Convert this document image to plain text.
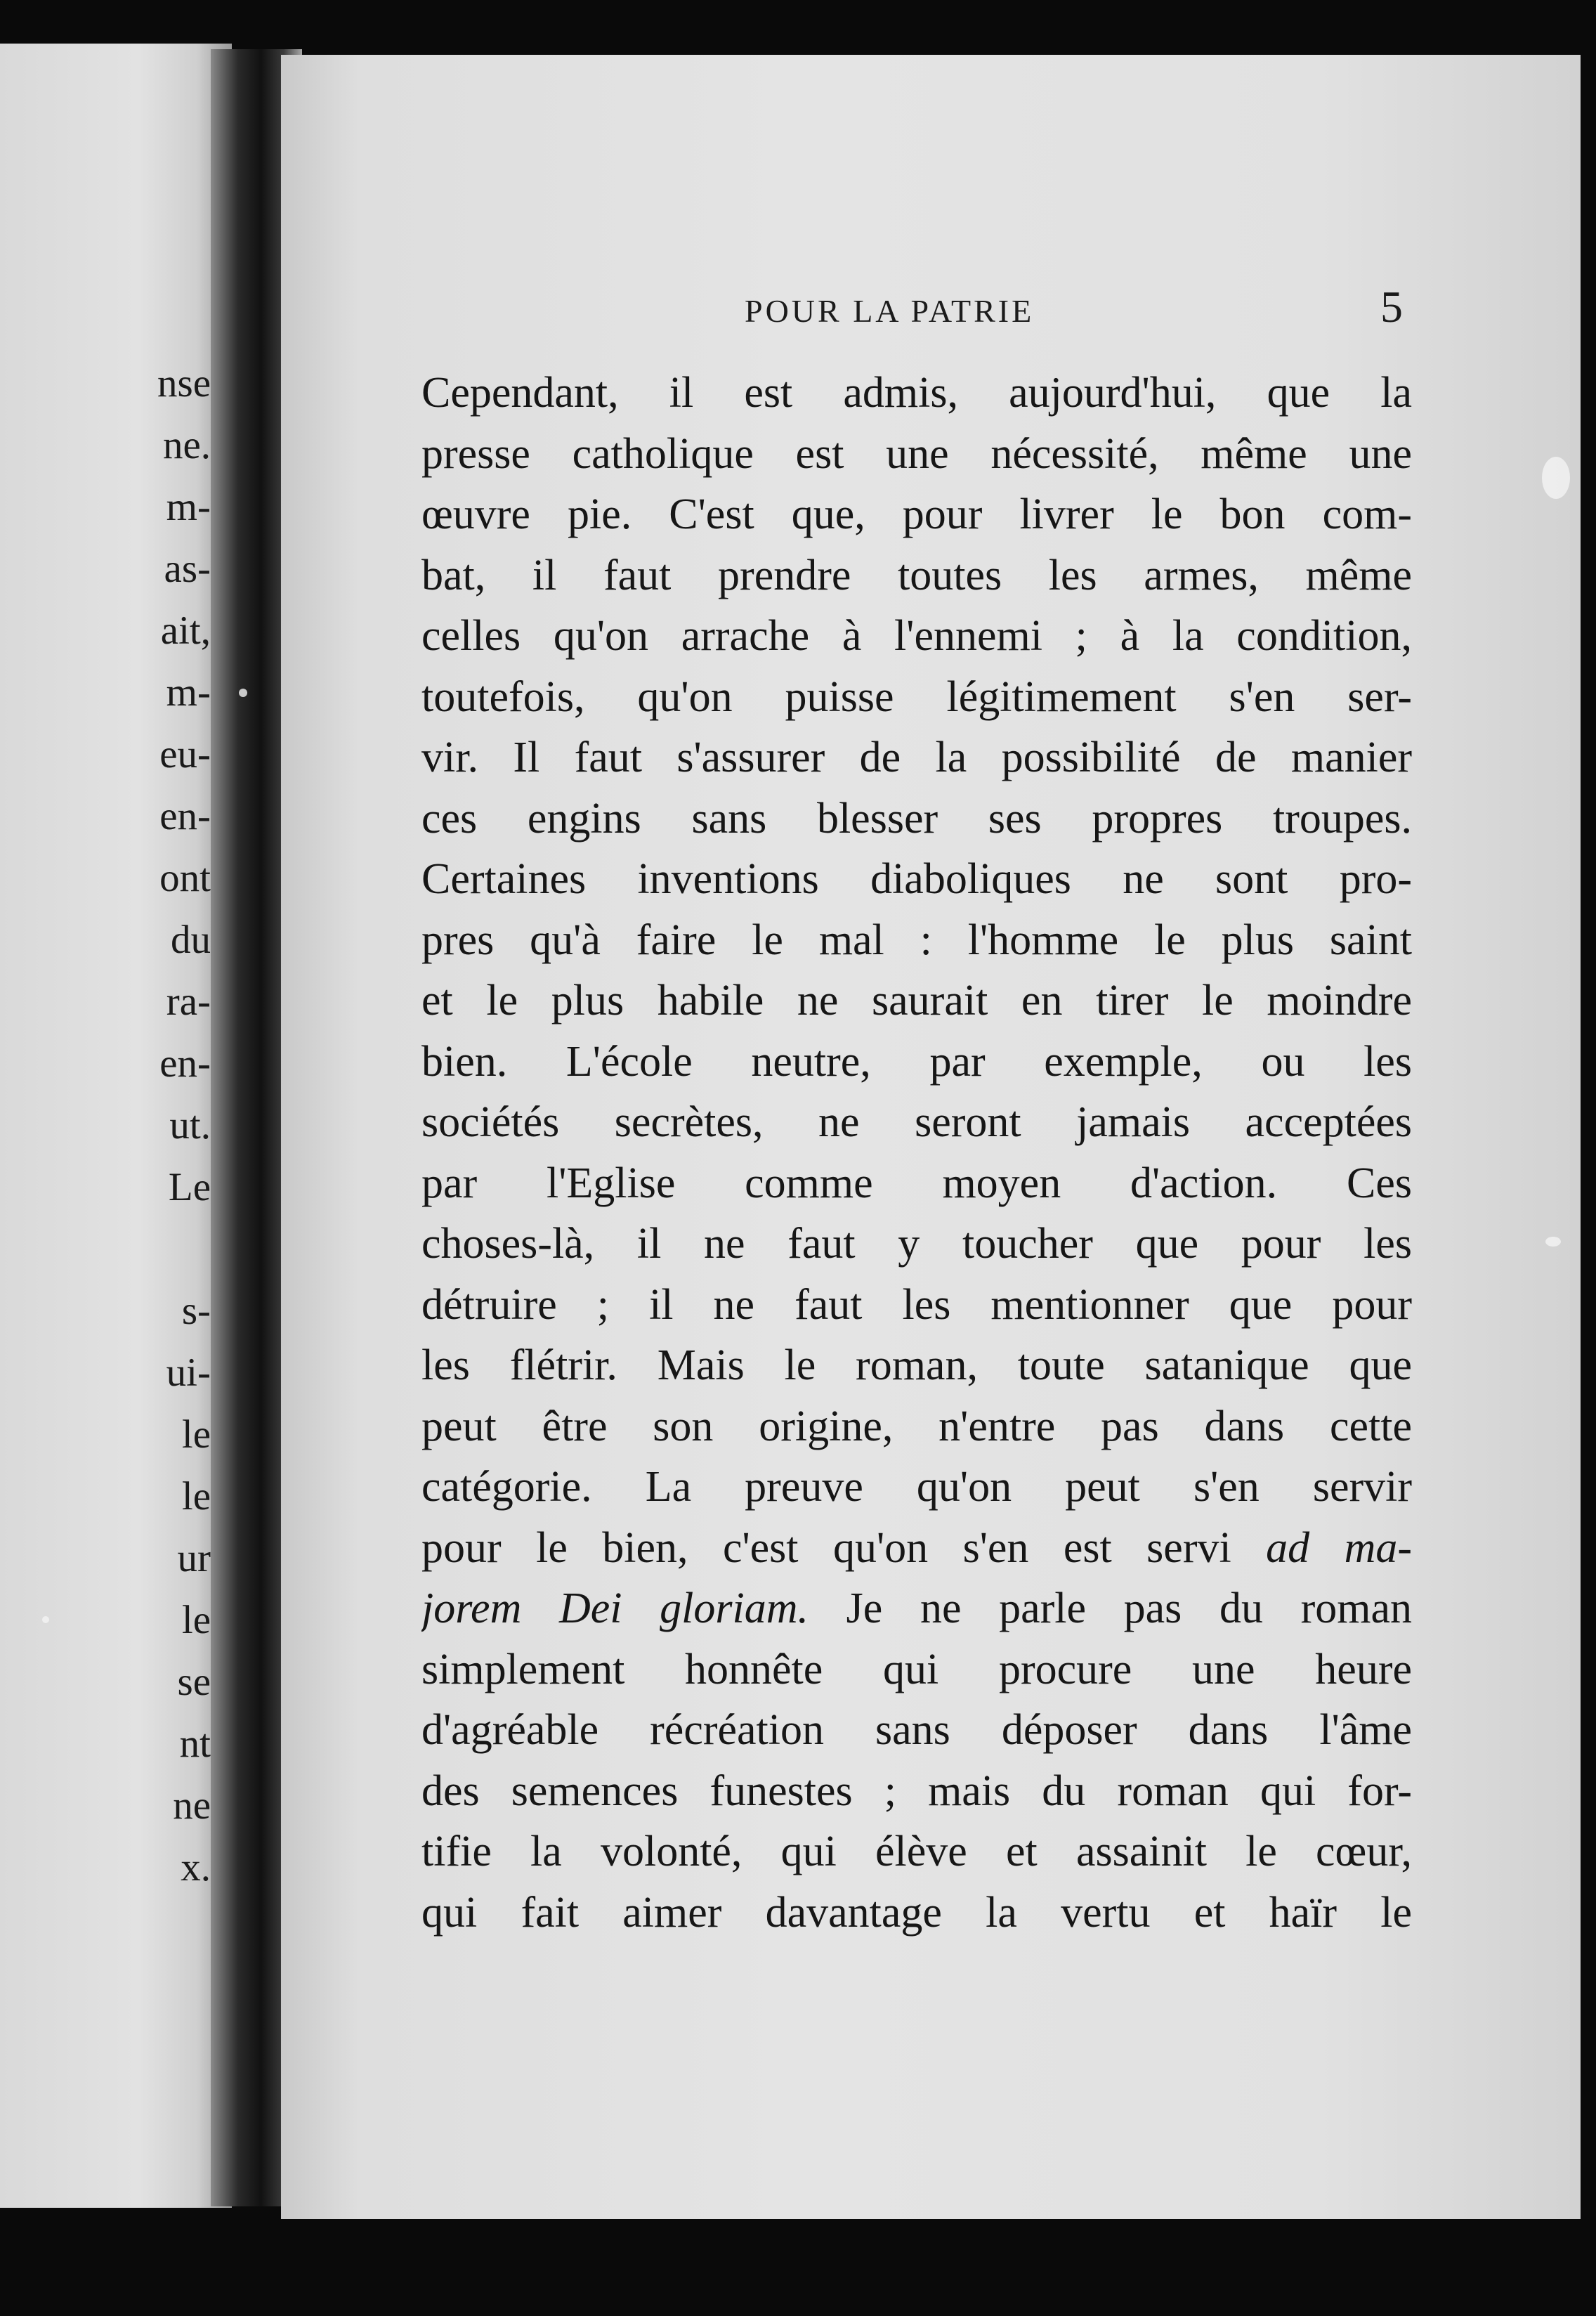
nse
ne.
m-
as-
ait,
m-
eu-
en-
ont
du
ra-
en-
ut.
Le
s-
ui-
le
le
ur
le
se
nt
ne
x.
POUR LA PATRIE	5
Cependant, il est admis, aujourd'hui, que la
presse catholique est une nécessité, même une
œuvre pie. C'est que, pour livrer le bon com-
bat, il faut prendre toutes les armes, même
celles qu'on arrache à l'ennemi ; à la condition,
toutefois, qu'on puisse légitimement s'en ser-
vir. Il faut s'assurer de la possibilité de manier
ces engins sans blesser ses propres troupes.
Certaines inventions diaboliques ne sont pro-
pres qu'à faire le mal : l'homme le plus saint
et le plus habile ne saurait en tirer le moindre
bien. L'école neutre, par exemple, ou les
sociétés secrètes, ne seront jamais acceptées
par l'Eglise comme moyen d'action. Ces
choses-là, il ne faut y toucher que pour les
détruire ; il ne faut les mentionner que pour
les flétrir. Mais le roman, toute satanique que
peut être son origine, n'entre pas dans cette
catégorie. La preuve qu'on peut s'en servir
pour le bien, c'est qu'on s'en est servi ad ma-
jorem Dei gloriam. Je ne parle pas du roman
simplement honnête qui procure une heure
d'agréable récréation sans déposer dans l'âme
des semences funestes ; mais du roman qui for-
tifie la volonté, qui élève et assainit le cœur,
qui fait aimer davantage la vertu et haïr le
